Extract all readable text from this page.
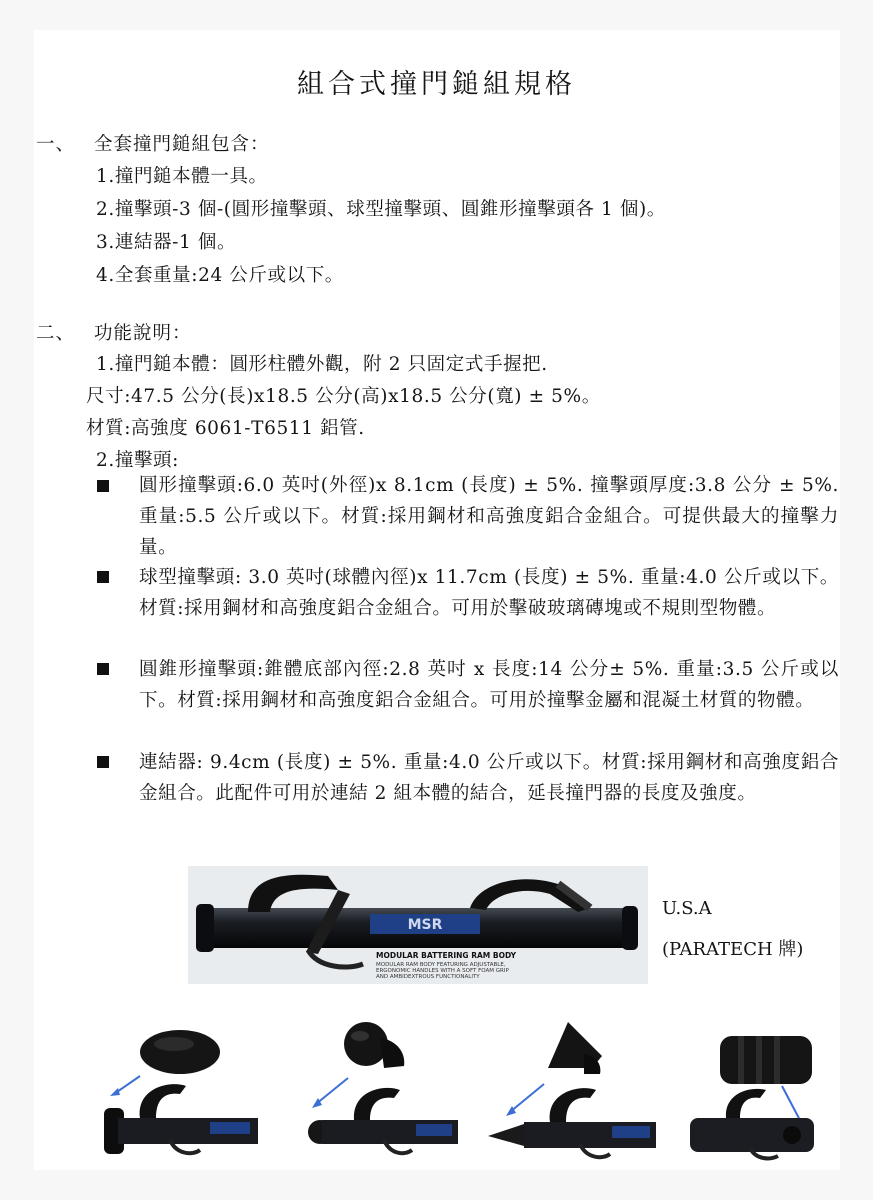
組合式撞門鎚組規格
一、 全套撞門鎚組包含：
1.撞門鎚本體一具。
2.撞擊頭-3 個-(圓形撞擊頭、球型撞擊頭、圓錐形撞擊頭各 1 個)。
3.連結器-1 個。
4.全套重量:24 公斤或以下。
二、 功能說明：
1.撞門鎚本體：圓形柱體外觀，附 2 只固定式手握把.
尺寸:47.5 公分(長)x18.5 公分(高)x18.5 公分(寬) ± 5%。
材質:高強度 6061-T6511 鋁管.
2.撞擊頭:
圓形撞擊頭:6.0 英吋(外徑)x 8.1cm (長度) ± 5%. 撞擊頭厚度:3.8 公分 ± 5%. 重量:5.5 公斤或以下。材質:採用鋼材和高強度鋁合金組合。可提供最大的撞擊力量。
球型撞擊頭: 3.0 英吋(球體內徑)x 11.7cm (長度) ± 5%. 重量:4.0 公斤或以下。材質:採用鋼材和高強度鋁合金組合。可用於擊破玻璃磚塊或不規則型物體。
圓錐形撞擊頭:錐體底部內徑:2.8 英吋 x 長度:14 公分± 5%. 重量:3.5 公斤或以下。材質:採用鋼材和高強度鋁合金組合。可用於撞擊金屬和混凝土材質的物體。
連結器: 9.4cm (長度) ± 5%. 重量:4.0 公斤或以下。材質:採用鋼材和高強度鋁合金組合。此配件可用於連結 2 組本體的結合，延長撞門器的長度及強度。
MSR
MODULAR BATTERING RAM BODY
MODULAR RAM BODY FEATURING ADJUSTABLE,
ERGONOMIC HANDLES WITH A SOFT FOAM GRIP
AND AMBIDEXTROUS FUNCTIONALITY
U.S.A
(PARATECH 牌)
